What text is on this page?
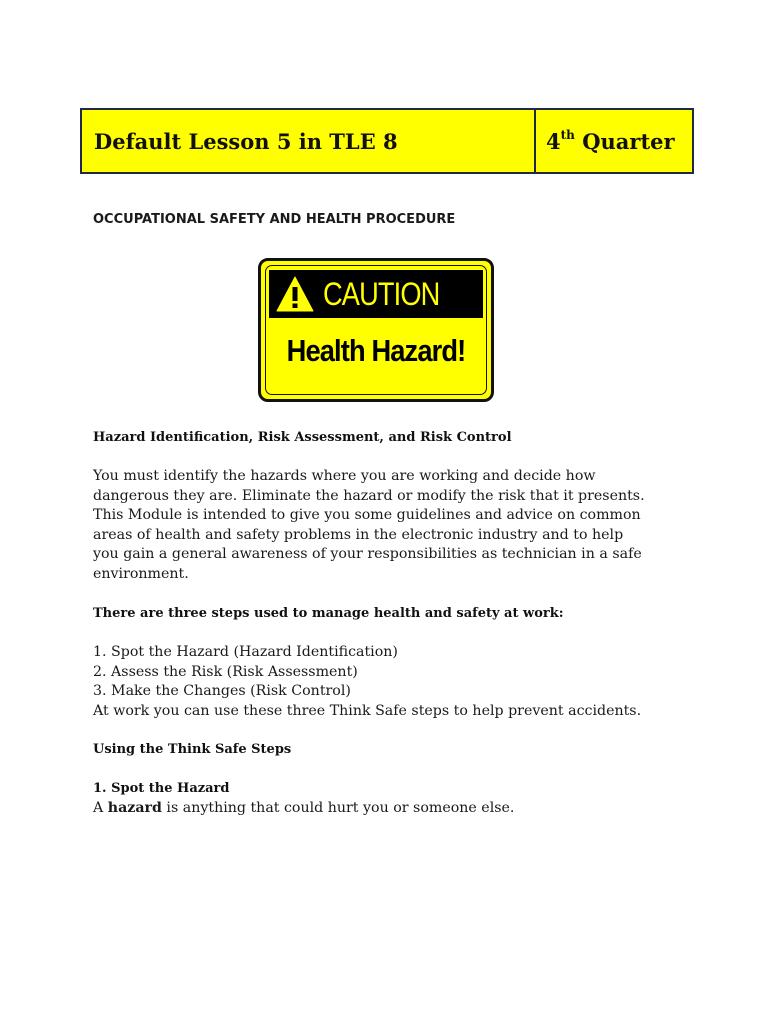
Default Lesson 5 in TLE 8	4th Quarter
OCCUPATIONAL SAFETY AND HEALTH PROCEDURE
CAUTION
Health Hazard!
Hazard Identification, Risk Assessment, and Risk Control
You must identify the hazards where you are working and decide how
dangerous they are. Eliminate the hazard or modify the risk that it presents.
This Module is intended to give you some guidelines and advice on common
areas of health and safety problems in the electronic industry and to help
you gain a general awareness of your responsibilities as technician in a safe
environment.
There are three steps used to manage health and safety at work:
1. Spot the Hazard (Hazard Identification)
2. Assess the Risk (Risk Assessment)
3. Make the Changes (Risk Control)
At work you can use these three Think Safe steps to help prevent accidents.
Using the Think Safe Steps
1. Spot the Hazard
A hazard is anything that could hurt you or someone else.
